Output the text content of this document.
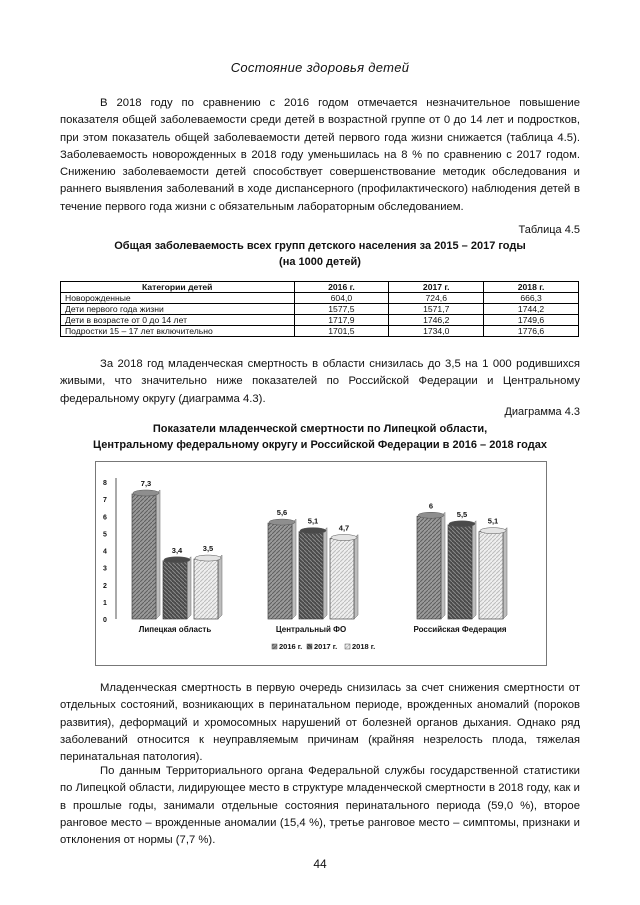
Состояние здоровья детей

В 2018 году по сравнению с 2016 годом отмечается незначительное повышение показателя общей заболеваемости среди детей в возрастной группе от 0 до 14 лет и подростков, при этом показатель общей заболеваемости детей первого года жизни снижается (таблица 4.5). Заболеваемость новорожденных в 2018 году уменьшилась на 8 % по сравнению с 2017 годом. Снижению заболеваемости детей способствует совершенствование методик обследования и раннего выявления заболеваний в ходе диспансерного (профилактического) наблюдения детей в течение первого года жизни с обязательным лабораторным обследованием.

Таблица 4.5
Общая заболеваемость всех групп детского населения за 2015 – 2017 годы
(на 1000 детей)
Категории детей	2016 г.	2017 г.	2018 г.
Новорожденные	604,0	724,6	666,3
Дети первого года жизни	1577,5	1571,7	1744,2
Дети в возрасте от 0 до 14 лет	1717,9	1746,2	1749,6
Подростки 15 – 17 лет включительно	1701,5	1734,0	1776,6

За 2018 год младенческая смертность в области снизилась до 3,5 на 1 000 родившихся живыми, что значительно ниже показателей по Российской Федерации и Центральному федеральному округу (диаграмма 4.3).

Диаграмма 4.3
Показатели младенческой смертности по Липецкой области,
Центральному федеральному округу и Российской Федерации в 2016 – 2018 годах
8
7
6
5
4
3
2
1
0
7,3
5,6
6
3,4
5,1
5,5
3,5
4,7
5,1
Липецкая область	Центральный ФО	Российская Федерация
2016 г. 2017 г. 2018 г.

Младенческая смертность в первую очередь снизилась за счет снижения смертности от отдельных состояний, возникающих в перинатальном периоде, врожденных аномалий (пороков развития), деформаций и хромосомных нарушений от болезней органов дыхания. Однако ряд заболеваний относится к неуправляемым причинам (крайняя незрелость плода, тяжелая перинатальная патология).

По данным Территориального органа Федеральной службы государственной статистики по Липецкой области, лидирующее место в структуре младенческой смертности в 2018 году, как и в прошлые годы, занимали отдельные состояния перинатального периода (59,0 %), второе ранговое место – врожденные аномалии (15,4 %), третье ранговое место – симптомы, признаки и отклонения от нормы (7,7 %).

44
